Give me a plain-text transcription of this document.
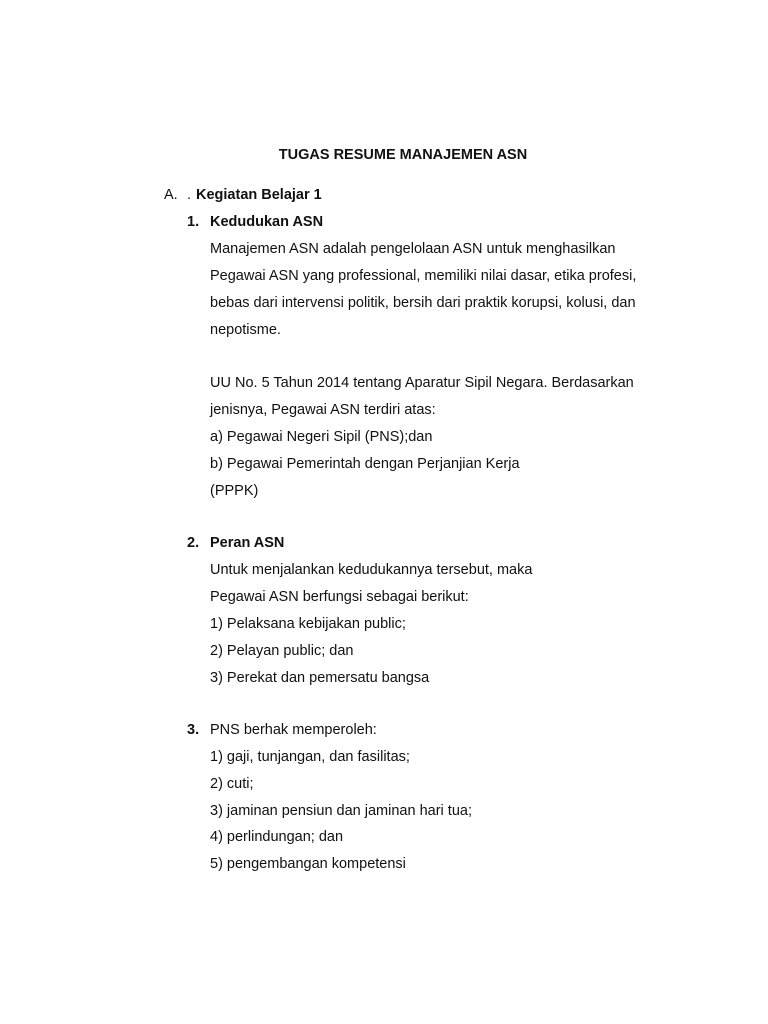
TUGAS RESUME MANAJEMEN ASN
A. . Kegiatan Belajar 1
1. Kedudukan ASN
Manajemen ASN adalah pengelolaan ASN untuk menghasilkan
Pegawai ASN yang professional, memiliki nilai dasar, etika profesi,
bebas dari intervensi politik, bersih dari praktik korupsi, kolusi, dan
nepotisme.
UU No. 5 Tahun 2014 tentang Aparatur Sipil Negara. Berdasarkan
jenisnya, Pegawai ASN terdiri atas:
a) Pegawai Negeri Sipil (PNS);dan
b) Pegawai Pemerintah dengan Perjanjian Kerja
(PPPK)
2. Peran ASN
Untuk menjalankan kedudukannya tersebut, maka
Pegawai ASN berfungsi sebagai berikut:
1) Pelaksana kebijakan public;
2) Pelayan public; dan
3) Perekat dan pemersatu bangsa
3. PNS berhak memperoleh:
1) gaji, tunjangan, dan fasilitas;
2) cuti;
3) jaminan pensiun dan jaminan hari tua;
4) perlindungan; dan
5) pengembangan kompetensi
